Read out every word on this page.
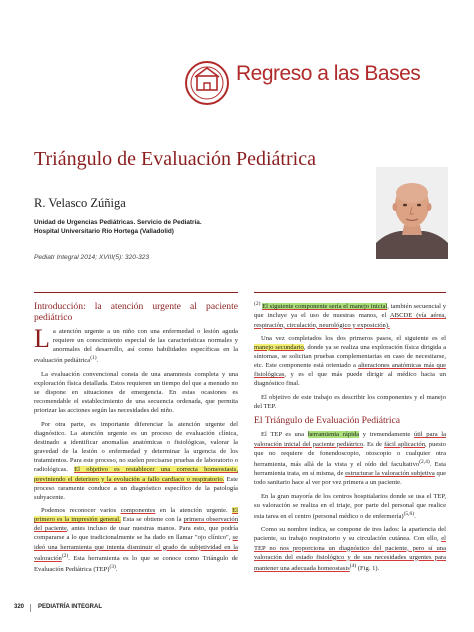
Regreso a las Bases
Triángulo de Evaluación Pediátrica
R. Velasco Zúñiga
Unidad de Urgencias Pediátricas. Servicio de Pediatría.
Hospital Universitario Río Hortega (Valladolid)
Pediatr Integral 2014; XVIII(5): 320-323
Introducción: la atención urgente al paciente pediátrico

La atención urgente a un niño con una enfermedad o lesión aguda requiere un conocimiento especial de las características normales y anormales del desarrollo, así como habilidades específicas en la evaluación pediátrica$^{(1)}$.

La evaluación convencional consta de una anamnesis completa y una exploración física detallada. Estos requieren un tiempo del que a menudo no se dispone en situaciones de emergencia. En estas ocasiones es recomendable el establecimiento de una secuencia ordenada, que permita priorizar las acciones según las necesidades del niño.

Por otra parte, es importante diferenciar la atención urgente del diagnóstico. La atención urgente es un proceso de evaluación clínica, destinado a identificar anomalías anatómicas o fisiológicas, valorar la gravedad de la lesión o enfermedad y determinar la urgencia de los tratamientos. Para este proceso, no suelen precisarse pruebas de laboratorio o radiológicas. El objetivo es restablecer una correcta homeostasis, previniendo el deterioro y la evolución a fallo cardiaco o respiratorio. Este proceso raramente conduce a un diagnóstico específico de la patología subyacente.

Podemos reconocer varios componentes en la atención urgente. El primero es la impresión general. Esta se obtiene con la primera observación del paciente, antes incluso de usar nuestras manos. Para esto, que podría compararse a lo que tradicionalmente se ha dado en llamar "ojo clínico", se ideó una herramienta que intenta disminuir el grado de subjetividad en la valoración$^{(2)}$. Esta herramienta es lo que se conoce como Triángulo de Evaluación Pediátrica (TEP)$^{(3)}$.

$^{(2)}$ El siguiente componente sería el manejo inicial, también secuencial y que incluye ya el uso de nuestras manos, el ABCDE (vía aérea, respiración, circulación, neurológico y exposición).

Una vez completados los dos primeros pasos, el siguiente es el manejo secundario, donde ya se realiza una exploración física dirigida a síntomas, se solicitan pruebas complementarias en caso de necesitarse, etc. Este componente está orientado a alteraciones anatómicas más que fisiológicas, y es el que más puede dirigir al médico hacia un diagnóstico final.

El objetivo de este trabajo es describir los componentes y el manejo del TEP.

El Triángulo de Evaluación Pediátrica

El TEP es una herramienta rápida y tremendamente útil para la valoración inicial del paciente pediátrico. Es de fácil aplicación, puesto que no requiere de fonendoscopio, otoscopio o cualquier otra herramienta, más allá de la vista y el oído del facultativo$^{(2,4)}$. Esta herramienta trata, en sí misma, de estructurar la valoración subjetiva que todo sanitario hace al ver por vez primera a un paciente.

En la gran mayoría de los centros hospitalarios donde se usa el TEP, su valoración se realiza en el triaje, por parte del personal que realice esta tarea en el centro (personal médico o de enfermería)$^{(5,6)}$.

Como su nombre indica, se compone de tres lados: la apariencia del paciente, su trabajo respiratorio y su circulación cutánea. Con ello, el TEP no nos proporciona un diagnóstico del paciente, pero sí una valoración del estado fisiológico y de sus necesidades urgentes para mantener una adecuada homeostasis$^{(4)}$ (Fig. 1).

320 PEDIATRÍA INTEGRAL
